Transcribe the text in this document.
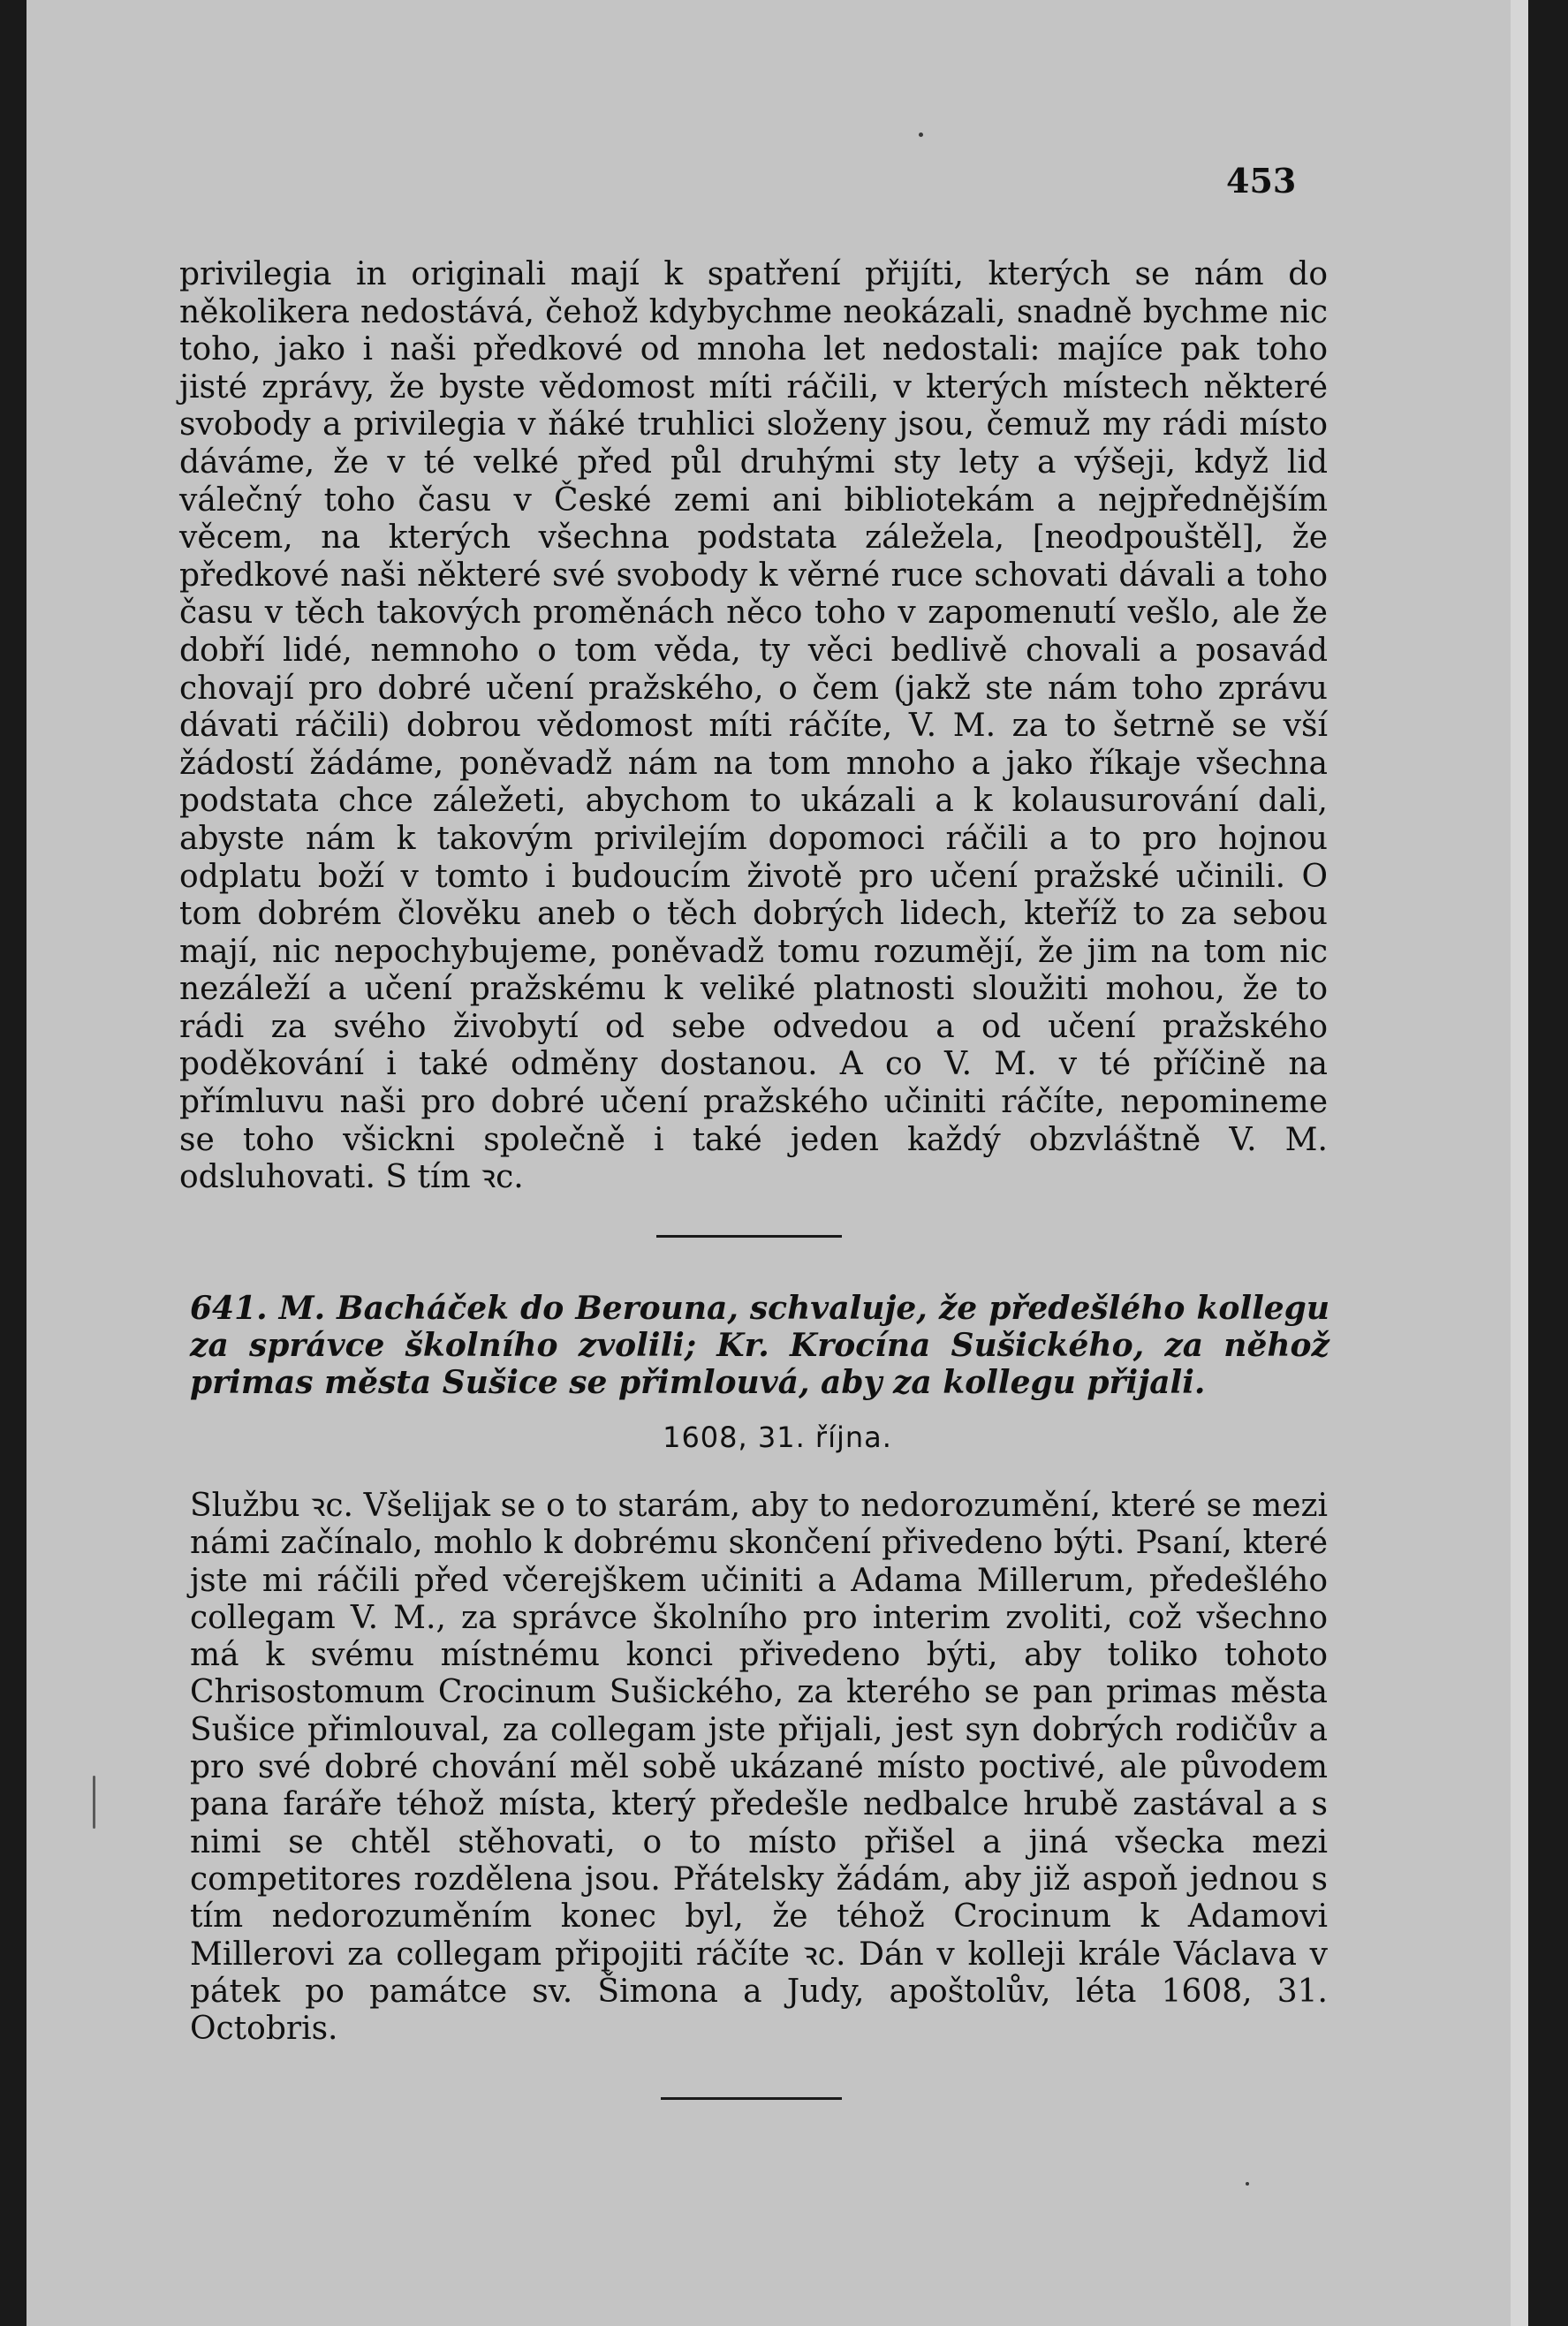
453
privilegia in originali mají k spatření přijíti, kterých se nám do několikera nedostává, čehož kdybychme neokázali, snadně bychme nic toho, jako i naši předkové od mnoha let nedostali: majíce pak toho jisté zprávy, že byste vědomost míti ráčili, v kterých místech některé svobody a privilegia v ňáké truhlici složeny jsou, čemuž my rádi místo dáváme, že v té velké před půl druhými sty lety a výšeji, když lid válečný toho času v České zemi ani bibliotekám a nejpřednějším věcem, na kterých všechna podstata záležela, [neodpouštěl], že předkové naši některé své svobody k věrné ruce schovati dávali a toho času v těch takových proměnách něco toho v zapomenutí vešlo, ale že dobří lidé, nemnoho o tom věda, ty věci bedlivě chovali a posavád chovají pro dobré učení pražského, o čem (jakž ste nám toho zprávu dávati ráčili) dobrou vědomost míti ráčíte, V. M. za to šetrně se vší žádostí žádáme, poněvadž nám na tom mnoho a jako říkaje všechna podstata chce záležeti, abychom to ukázali a k kolausurování dali, abyste nám k takovým privilejím dopomoci ráčili a to pro hojnou odplatu boží v tomto i budoucím životě pro učení pražské učinili. O tom dobrém člověku aneb o těch dobrých lidech, kteříž to za sebou mají, nic nepochybujeme, poněvadž tomu rozumějí, že jim na tom nic nezáleží a učení pražskému k veliké platnosti sloužiti mohou, že to rádi za svého živobytí od sebe odvedou a od učení pražského poděkování i také odměny dostanou. A co V. M. v té příčině na přímluvu naši pro dobré učení pražského učiniti ráčíte, nepomineme se toho všickni společně i také jeden každý obzvláštně V. M. odsluhovati. S tím ꝛc.
641. M. Bacháček do Berouna, schvaluje, že předešlého kollegu za správce školního zvolili; Kr. Krocína Sušického, za něhož primas města Sušice se přimlouvá, aby za kollegu přijali.
1608, 31. října.
Službu ꝛc. Všelijak se o to starám, aby to nedorozumění, které se mezi námi začínalo, mohlo k dobrému skončení přivedeno býti. Psaní, které jste mi ráčili před včerejškem učiniti a Adama Millerum, předešlého collegam V. M., za správce školního pro interim zvoliti, což všechno má k svému místnému konci přivedeno býti, aby toliko tohoto Chrisostomum Crocinum Sušického, za kterého se pan primas města Sušice přimlouval, za collegam jste přijali, jest syn dobrých rodičův a pro své dobré chování měl sobě ukázané místo poctivé, ale původem pana faráře téhož místa, který předešle nedbalce hrubě zastával a s nimi se chtěl stěhovati, o to místo přišel a jiná všecka mezi competitores rozdělena jsou. Přátelsky žádám, aby již aspoň jednou s tím nedorozuměním konec byl, že téhož Crocinum k Adamovi Millerovi za collegam připojiti ráčíte ꝛc. Dán v kolleji krále Václava v pátek po památce sv. Šimona a Judy, apoštolův, léta 1608, 31. Octobris.
